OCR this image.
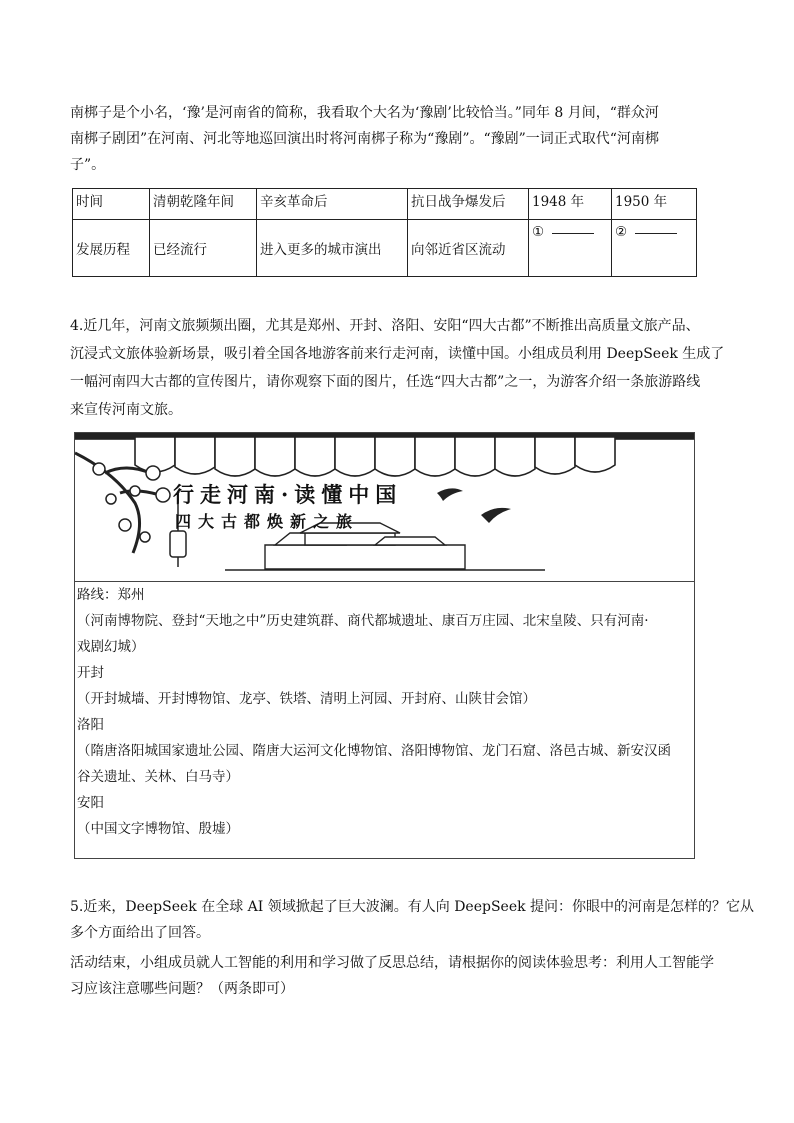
南梆子是个小名，‘豫’是河南省的简称，我看取个大名为‘豫剧’比较恰当。”同年 8 月间，“群众河
南梆子剧团”在河南、河北等地巡回演出时将河南梆子称为“豫剧”。“豫剧”一词正式取代“河南梆
子”。
时间	清朝乾隆年间	辛亥革命后	抗日战争爆发后	1948 年	1950 年
发展历程	已经流行	进入更多的城市演出	向邻近省区流动	①	②
4.近几年，河南文旅频频出圈，尤其是郑州、开封、洛阳、安阳“四大古都”不断推出高质量文旅产品、
沉浸式文旅体验新场景，吸引着全国各地游客前来行走河南，读懂中国。小组成员利用 DeepSeek 生成了
一幅河南四大古都的宣传图片，请你观察下面的图片，任选“四大古都”之一，为游客介绍一条旅游路线
来宣传河南文旅。
行走河南·读懂中国
四大古都焕新之旅
路线：郑州
（河南博物院、登封“天地之中”历史建筑群、商代都城遗址、康百万庄园、北宋皇陵、只有河南·
戏剧幻城）
开封
（开封城墙、开封博物馆、龙亭、铁塔、清明上河园、开封府、山陕甘会馆）
洛阳
（隋唐洛阳城国家遗址公园、隋唐大运河文化博物馆、洛阳博物馆、龙门石窟、洛邑古城、新安汉函
谷关遗址、关林、白马寺）
安阳
（中国文字博物馆、殷墟）
5.近来，DeepSeek 在全球 AI 领域掀起了巨大波澜。有人向 DeepSeek 提问：你眼中的河南是怎样的？它从
多个方面给出了回答。
活动结束，小组成员就人工智能的利用和学习做了反思总结，请根据你的阅读体验思考：利用人工智能学
习应该注意哪些问题？（两条即可）
